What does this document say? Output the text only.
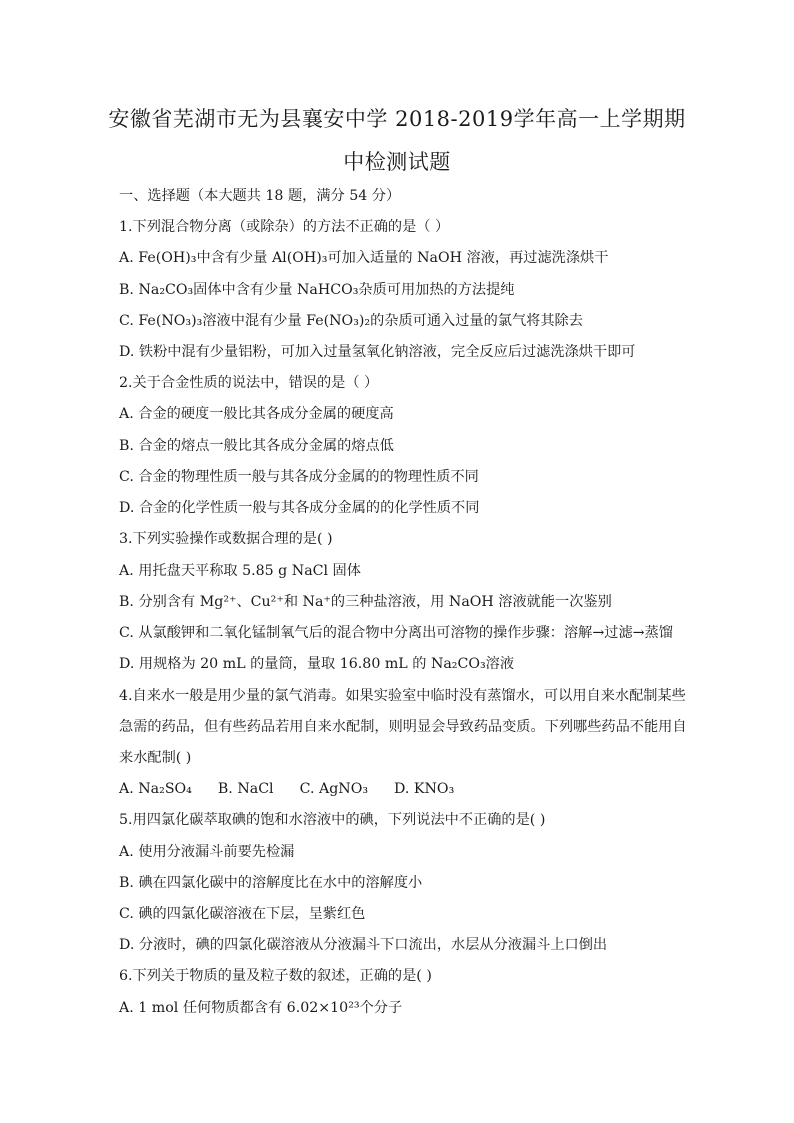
安徽省芜湖市无为县襄安中学 2018-2019学年高一上学期期
中检测试题
一、选择题（本大题共 18 题，满分 54 分）
1.下列混合物分离（或除杂）的方法不正确的是（ ）
A. Fe(OH)₃中含有少量 Al(OH)₃可加入适量的 NaOH 溶液，再过滤洗涤烘干
B. Na₂CO₃固体中含有少量 NaHCO₃杂质可用加热的方法提纯
C. Fe(NO₃)₃溶液中混有少量 Fe(NO₃)₂的杂质可通入过量的氯气将其除去
D. 铁粉中混有少量铝粉，可加入过量氢氧化钠溶液，完全反应后过滤洗涤烘干即可
2.关于合金性质的说法中，错误的是（ ）
A. 合金的硬度一般比其各成分金属的硬度高
B. 合金的熔点一般比其各成分金属的熔点低
C. 合金的物理性质一般与其各成分金属的的物理性质不同
D. 合金的化学性质一般与其各成分金属的的化学性质不同
3.下列实验操作或数据合理的是( )
A. 用托盘天平称取 5.85 g NaCl 固体
B. 分别含有 Mg²⁺、Cu²⁺和 Na⁺的三种盐溶液，用 NaOH 溶液就能一次鉴别
C. 从氯酸钾和二氧化锰制氧气后的混合物中分离出可溶物的操作步骤：溶解→过滤→蒸馏
D. 用规格为 20 mL 的量筒，量取 16.80 mL 的 Na₂CO₃溶液
4.自来水一般是用少量的氯气消毒。如果实验室中临时没有蒸馏水，可以用自来水配制某些
急需的药品，但有些药品若用自来水配制，则明显会导致药品变质。下列哪些药品不能用自
来水配制( )
A. Na₂SO₄ B. NaCl C. AgNO₃ D. KNO₃
5.用四氯化碳萃取碘的饱和水溶液中的碘，下列说法中不正确的是( )
A. 使用分液漏斗前要先检漏
B. 碘在四氯化碳中的溶解度比在水中的溶解度小
C. 碘的四氯化碳溶液在下层，呈紫红色
D. 分液时，碘的四氯化碳溶液从分液漏斗下口流出，水层从分液漏斗上口倒出
6.下列关于物质的量及粒子数的叙述，正确的是( )
A. 1 mol 任何物质都含有 6.02×10²³个分子
